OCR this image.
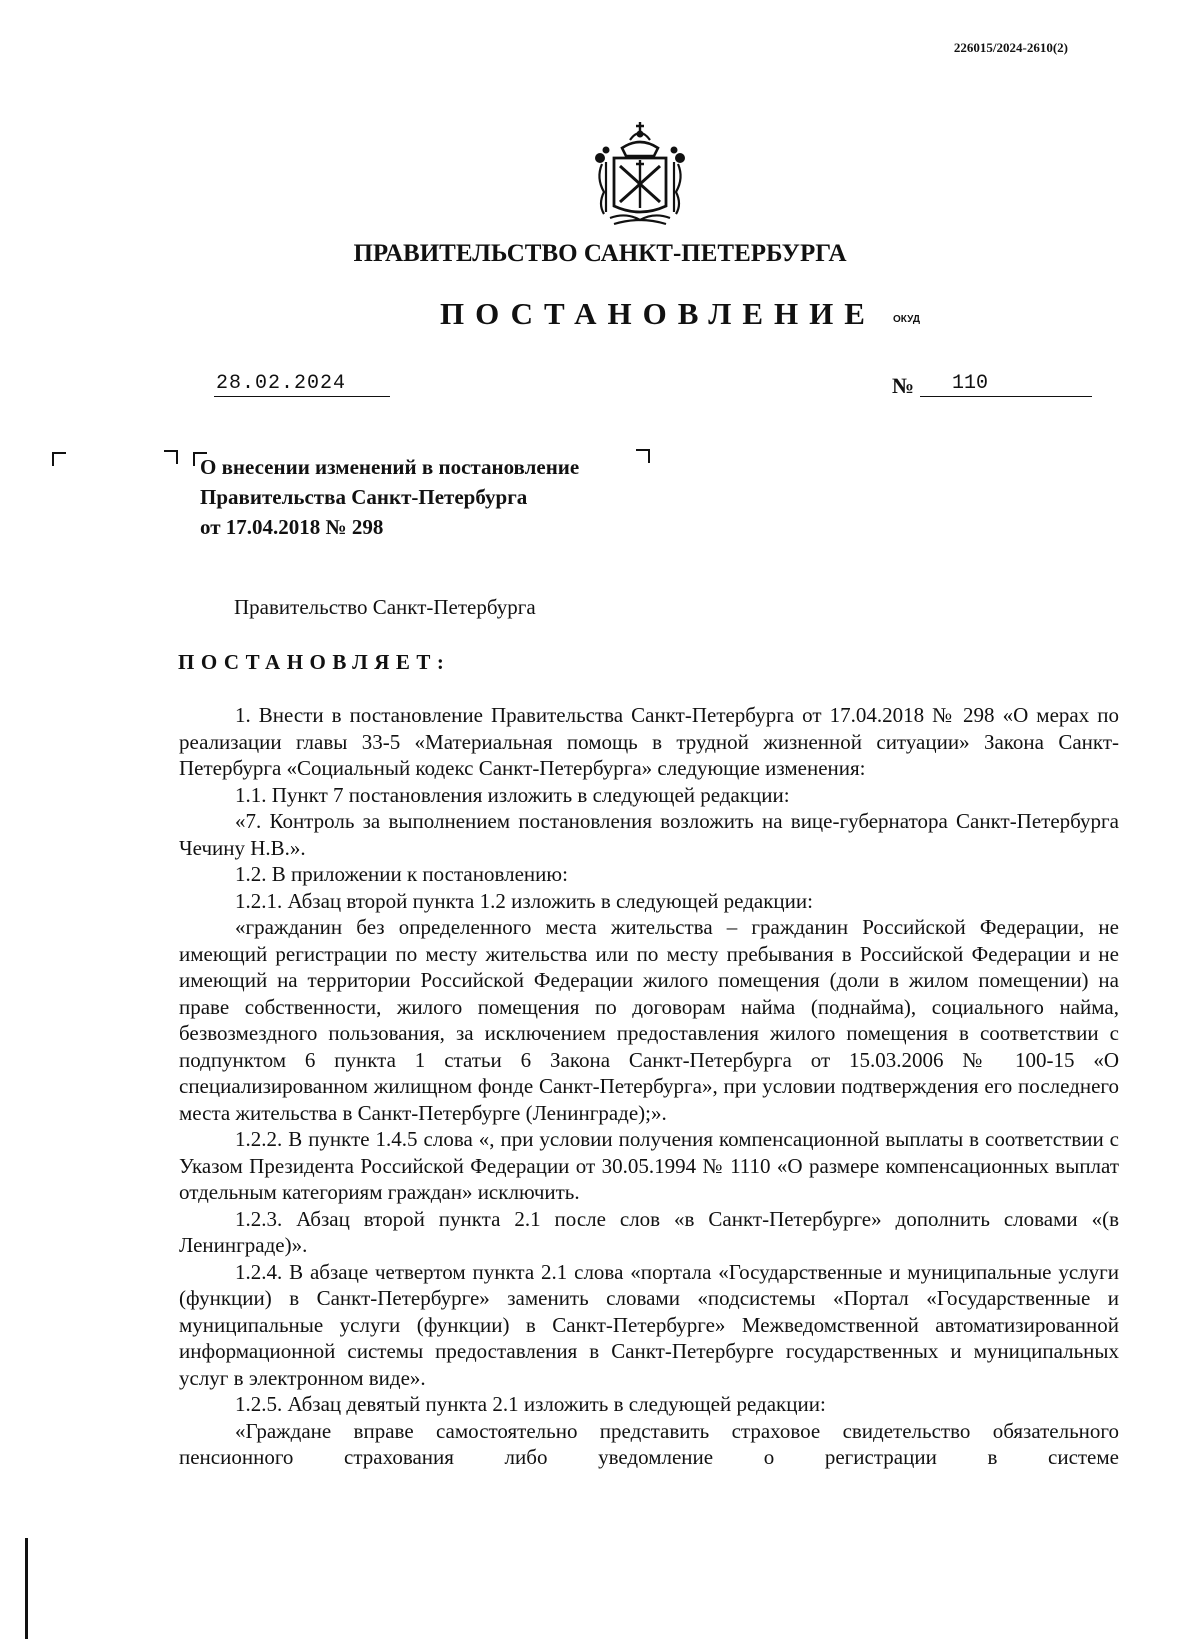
226015/2024-2610(2)
ПРАВИТЕЛЬСТВО САНКТ-ПЕТЕРБУРГА
ПОСТАНОВЛЕНИЕ ОКУД
28.02.2024	№	110
О внесении изменений в постановление
Правительства Санкт-Петербурга
от 17.04.2018 № 298
Правительство Санкт-Петербурга
ПОСТАНОВЛЯЕТ:

1. Внести в постановление Правительства Санкт-Петербурга от 17.04.2018 № 298 «О мерах по реализации главы 33-5 «Материальная помощь в трудной жизненной ситуации» Закона Санкт-Петербурга «Социальный кодекс Санкт-Петербурга» следующие изменения:

1.1. Пункт 7 постановления изложить в следующей редакции:

«7. Контроль за выполнением постановления возложить на вице-губернатора Санкт-Петербурга Чечину Н.В.».

1.2. В приложении к постановлению:

1.2.1. Абзац второй пункта 1.2 изложить в следующей редакции:

«гражданин без определенного места жительства – гражданин Российской Федерации, не имеющий регистрации по месту жительства или по месту пребывания в Российской Федерации и не имеющий на территории Российской Федерации жилого помещения (доли в жилом помещении) на праве собственности, жилого помещения по договорам найма (поднайма), социального найма, безвозмездного пользования, за исключением предоставления жилого помещения в соответствии с подпунктом 6 пункта 1 статьи 6 Закона Санкт-Петербурга от 15.03.2006 № 100-15 «О специализированном жилищном фонде Санкт-Петербурга», при условии подтверждения его последнего места жительства в Санкт-Петербурге (Ленинграде);».

1.2.2. В пункте 1.4.5 слова «, при условии получения компенсационной выплаты в соответствии с Указом Президента Российской Федерации от 30.05.1994 № 1110 «О размере компенсационных выплат отдельным категориям граждан» исключить.

1.2.3. Абзац второй пункта 2.1 после слов «в Санкт-Петербурге» дополнить словами «(в Ленинграде)».

1.2.4. В абзаце четвертом пункта 2.1 слова «портала «Государственные и муниципальные услуги (функции) в Санкт-Петербурге» заменить словами «подсистемы «Портал «Государственные и муниципальные услуги (функции) в Санкт-Петербурге» Межведомственной автоматизированной информационной системы предоставления в Санкт-Петербурге государственных и муниципальных услуг в электронном виде».

1.2.5. Абзац девятый пункта 2.1 изложить в следующей редакции:

«Граждане вправе самостоятельно представить страховое свидетельство обязательного пенсионного страхования либо уведомление о регистрации в системе
